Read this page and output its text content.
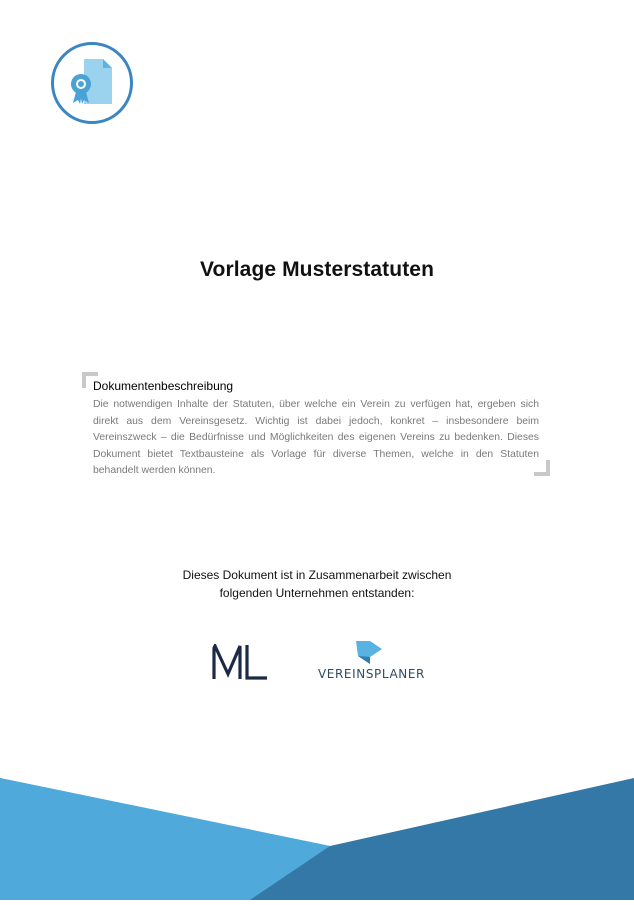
Vorlage Musterstatuten
Dokumentenbeschreibung

Die notwendigen Inhalte der Statuten, über welche ein Verein zu verfügen hat, ergeben sich direkt aus dem Vereinsgesetz. Wichtig ist dabei jedoch, konkret – insbesondere beim Vereinszweck – die Bedürfnisse und Möglichkeiten des eigenen Vereins zu bedenken. Dieses Dokument bietet Textbausteine als Vorlage für diverse Themen, welche in den Statuten behandelt werden können.

Dieses Dokument ist in Zusammenarbeit zwischen
folgenden Unternehmen entstanden:
VEREINSPLANER
